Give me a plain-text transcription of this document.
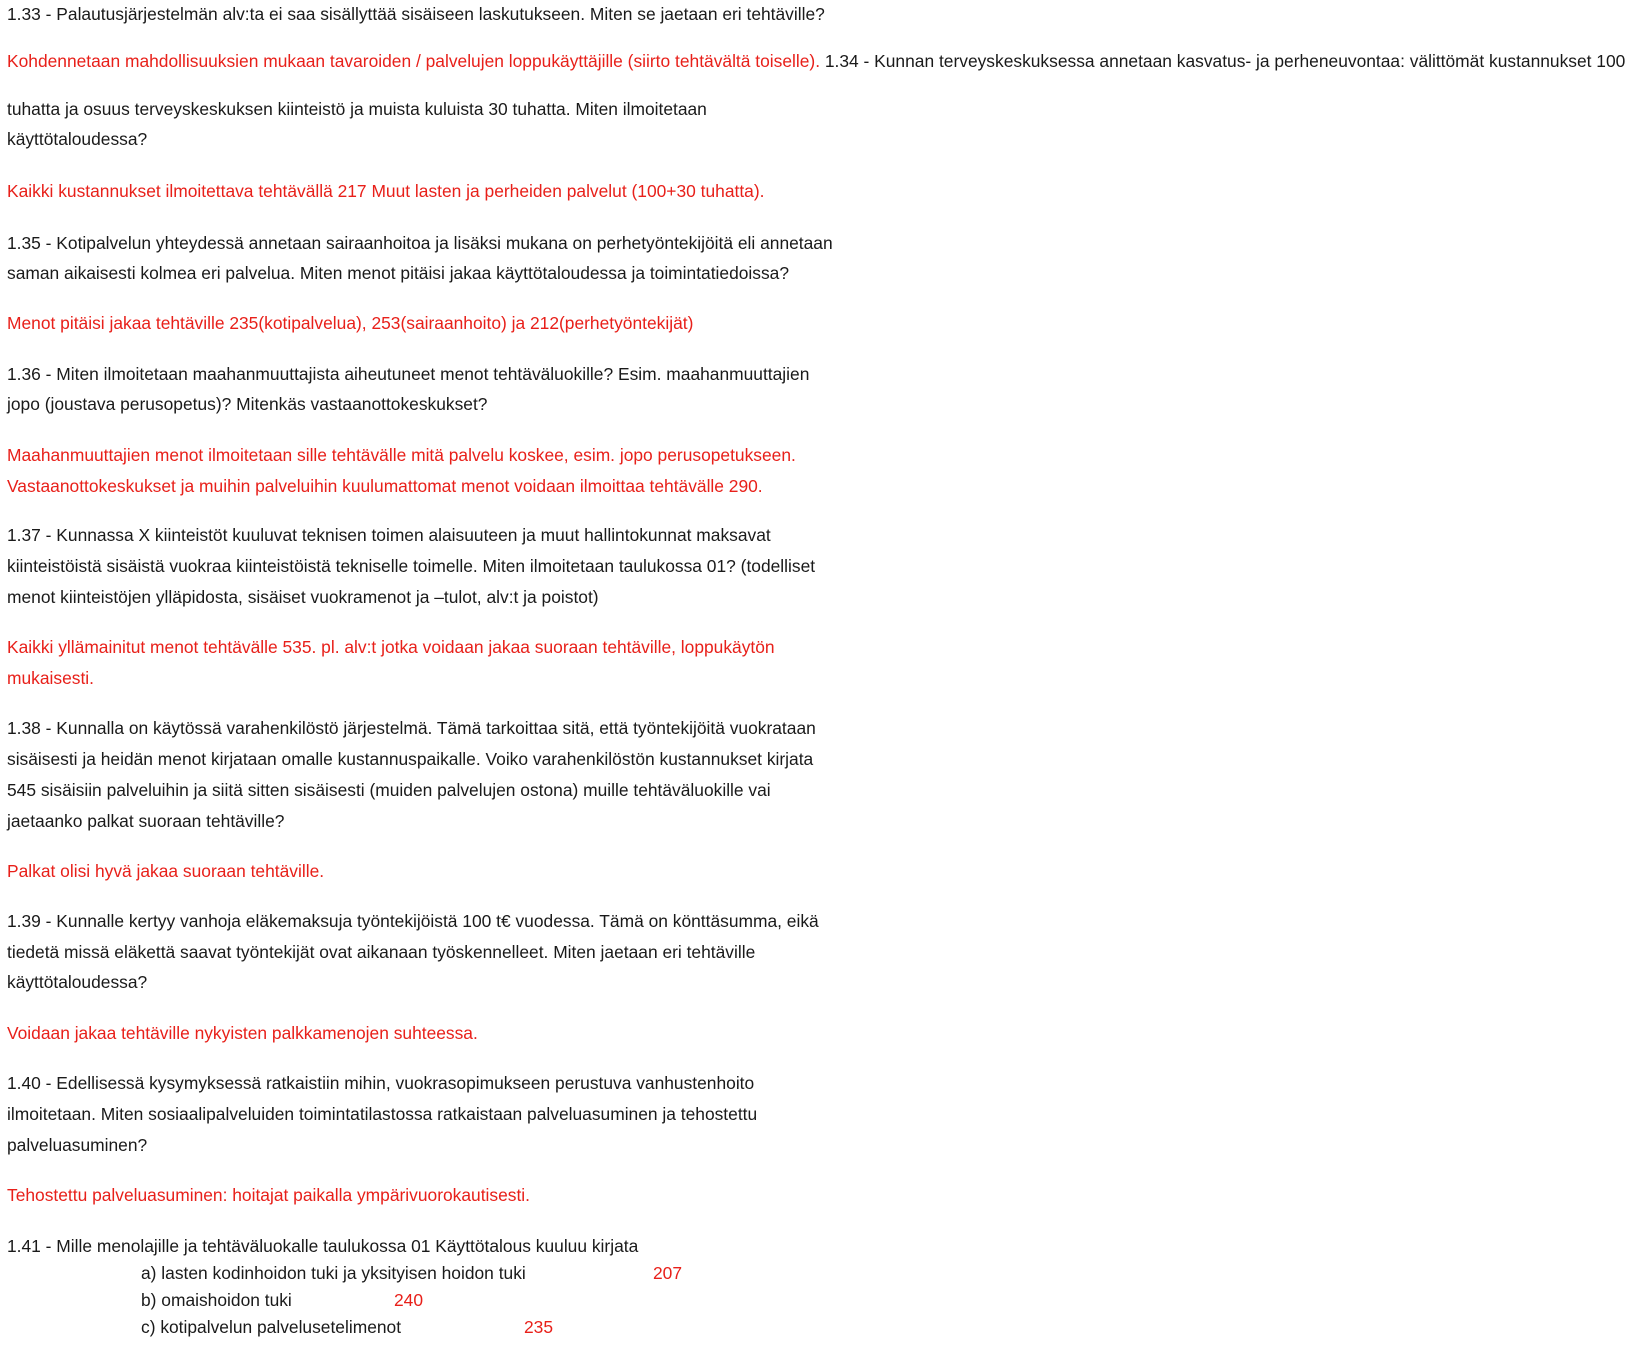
1.33 - Palautusjärjestelmän alv:ta ei saa sisällyttää sisäiseen laskutukseen. Miten se jaetaan eri tehtäville?
Kohdennetaan mahdollisuuksien mukaan tavaroiden / palvelujen loppukäyttäjille (siirto tehtävältä toiselle). 1.34 - Kunnan terveyskeskuksessa annetaan kasvatus- ja perheneuvontaa: välittömät kustannukset 100
tuhatta ja osuus terveyskeskuksen kiinteistö ja muista kuluista 30 tuhatta. Miten ilmoitetaan
käyttötaloudessa?
Kaikki kustannukset ilmoitettava tehtävällä 217 Muut lasten ja perheiden palvelut (100+30 tuhatta).
1.35 - Kotipalvelun yhteydessä annetaan sairaanhoitoa ja lisäksi mukana on perhetyöntekijöitä eli annetaan
saman aikaisesti kolmea eri palvelua. Miten menot pitäisi jakaa käyttötaloudessa ja toimintatiedoissa?
Menot pitäisi jakaa tehtäville 235(kotipalvelua), 253(sairaanhoito) ja 212(perhetyöntekijät)
1.36 - Miten ilmoitetaan maahanmuuttajista aiheutuneet menot tehtäväluokille? Esim. maahanmuuttajien
jopo (joustava perusopetus)? Mitenkäs vastaanottokeskukset?
Maahanmuuttajien menot ilmoitetaan sille tehtävälle mitä palvelu koskee, esim. jopo perusopetukseen.
Vastaanottokeskukset ja muihin palveluihin kuulumattomat menot voidaan ilmoittaa tehtävälle 290.
1.37 - Kunnassa X kiinteistöt kuuluvat teknisen toimen alaisuuteen ja muut hallintokunnat maksavat
kiinteistöistä sisäistä vuokraa kiinteistöistä tekniselle toimelle. Miten ilmoitetaan taulukossa 01? (todelliset
menot kiinteistöjen ylläpidosta, sisäiset vuokramenot ja –tulot, alv:t ja poistot)
Kaikki yllämainitut menot tehtävälle 535. pl. alv:t jotka voidaan jakaa suoraan tehtäville, loppukäytön
mukaisesti.
1.38 - Kunnalla on käytössä varahenkilöstö järjestelmä. Tämä tarkoittaa sitä, että työntekijöitä vuokrataan
sisäisesti ja heidän menot kirjataan omalle kustannuspaikalle. Voiko varahenkilöstön kustannukset kirjata
545 sisäisiin palveluihin ja siitä sitten sisäisesti (muiden palvelujen ostona) muille tehtäväluokille vai
jaetaanko palkat suoraan tehtäville?
Palkat olisi hyvä jakaa suoraan tehtäville.
1.39 - Kunnalle kertyy vanhoja eläkemaksuja työntekijöistä 100 t€ vuodessa. Tämä on könttäsumma, eikä
tiedetä missä eläkettä saavat työntekijät ovat aikanaan työskennelleet. Miten jaetaan eri tehtäville
käyttötaloudessa?
Voidaan jakaa tehtäville nykyisten palkkamenojen suhteessa.
1.40 - Edellisessä kysymyksessä ratkaistiin mihin, vuokrasopimukseen perustuva vanhustenhoito
ilmoitetaan. Miten sosiaalipalveluiden toimintatilastossa ratkaistaan palveluasuminen ja tehostettu
palveluasuminen?
Tehostettu palveluasuminen: hoitajat paikalla ympärivuorokautisesti.
1.41 - Mille menolajille ja tehtäväluokalle taulukossa 01 Käyttötalous kuuluu kirjata
a) lasten kodinhoidon tuki ja yksityisen hoidon tuki	207
b) omaishoidon tuki	240
c) kotipalvelun palvelusetelimenot	235
